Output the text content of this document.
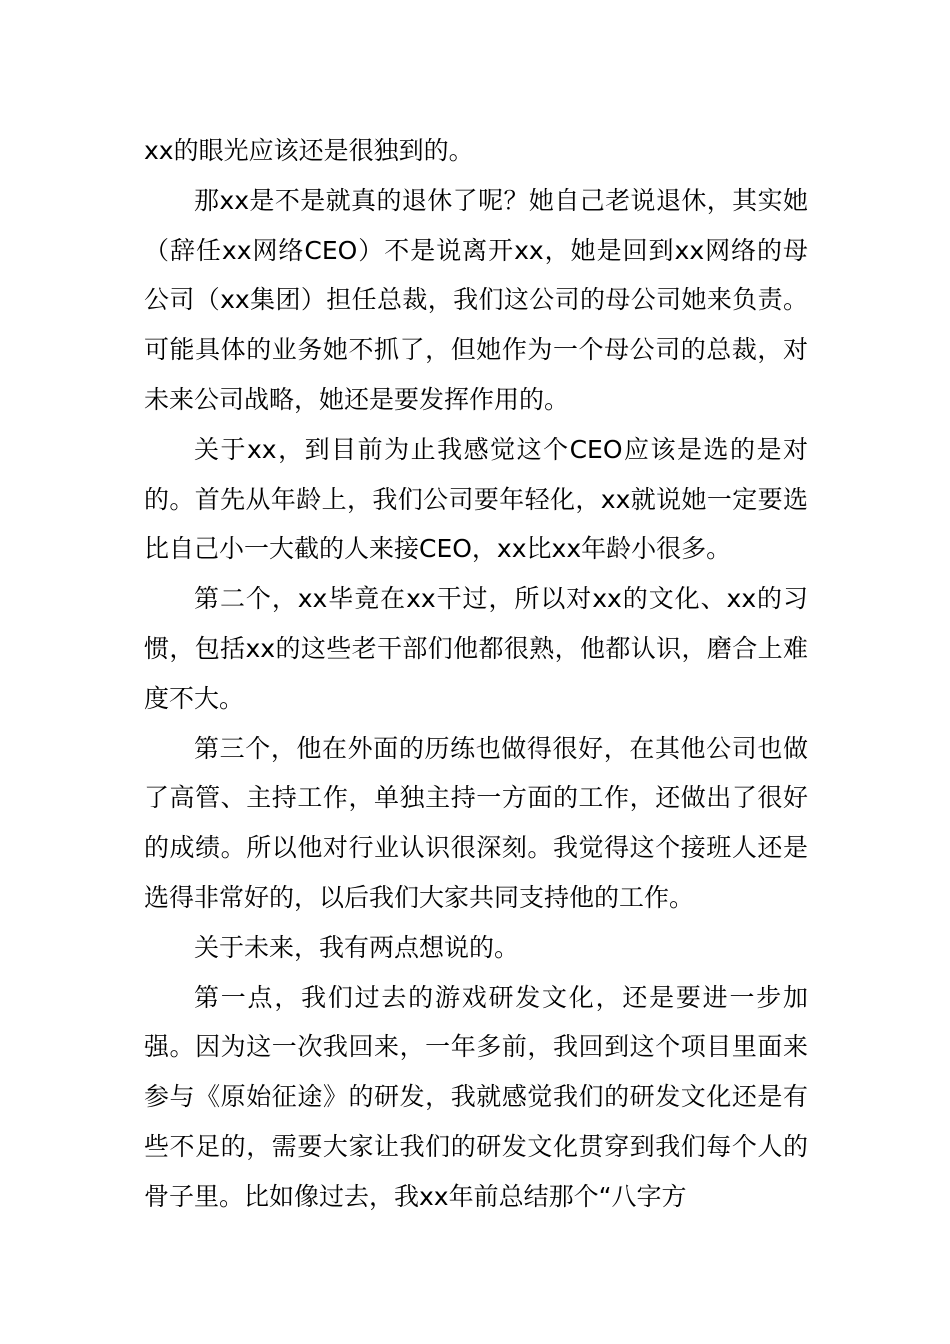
xx的眼光应该还是很独到的。

那xx是不是就真的退休了呢？她自己老说退休，其实她（辞任xx网络CEO）不是说离开xx，她是回到xx网络的母公司（xx集团）担任总裁，我们这公司的母公司她来负责。可能具体的业务她不抓了，但她作为一个母公司的总裁，对未来公司战略，她还是要发挥作用的。

关于xx，到目前为止我感觉这个CEO应该是选的是对的。首先从年龄上，我们公司要年轻化，xx就说她一定要选比自己小一大截的人来接CEO，xx比xx年龄小很多。

第二个，xx毕竟在xx干过，所以对xx的文化、xx的习惯，包括xx的这些老干部们他都很熟，他都认识，磨合上难度不大。

第三个，他在外面的历练也做得很好，在其他公司也做了高管、主持工作，单独主持一方面的工作，还做出了很好的成绩。所以他对行业认识很深刻。我觉得这个接班人还是选得非常好的，以后我们大家共同支持他的工作。

关于未来，我有两点想说的。

第一点，我们过去的游戏研发文化，还是要进一步加强。因为这一次我回来，一年多前，我回到这个项目里面来参与《原始征途》的研发，我就感觉我们的研发文化还是有些不足的，需要大家让我们的研发文化贯穿到我们每个人的骨子里。比如像过去，我xx年前总结那个“八字方
